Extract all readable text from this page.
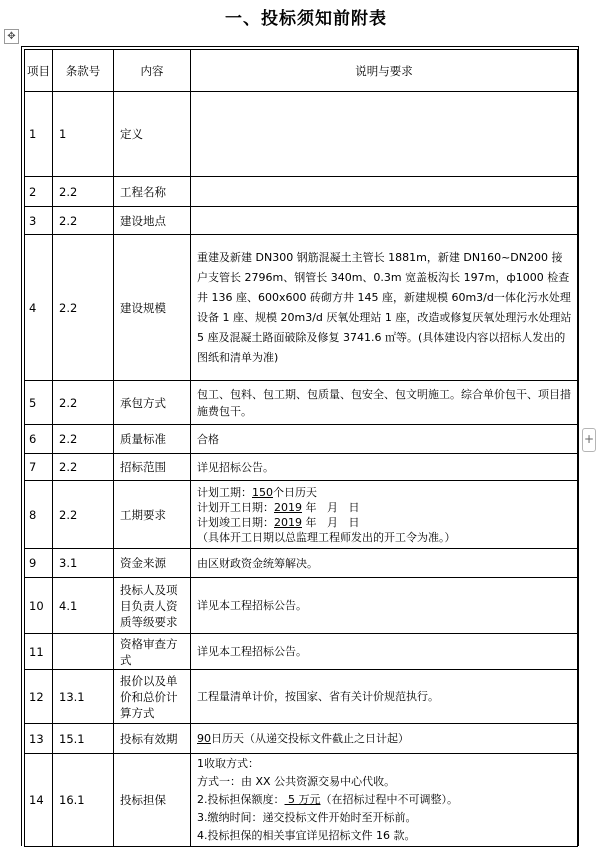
一、投标须知前附表
✥
+
项目	条款号	内容	说明与要求
1	1	定义	
2	2.2	工程名称	
3	2.2	建设地点	
4	2.2	建设规模	重建及新建 DN300 钢筋混凝土主管长 1881m，新建 DN160~DN200 接户支管长 2796m、钢管长 340m、0.3m 宽盖板沟长 197m，ф1000 检查井 136 座、600x600 砖砌方井 145 座，新建规模 60m3/d一体化污水处理设备 1 座、规模 20m3/d 厌氧处理站 1 座，改造或修复厌氧处理污水处理站 5 座及混凝土路面破除及修复 3741.6 ㎡等。(具体建设内容以招标人发出的图纸和清单为准)
5	2.2	承包方式	包工、包料、包工期、包质量、包安全、包文明施工。综合单价包干、项目措施费包干。
6	2.2	质量标准	合格
7	2.2	招标范围	详见招标公告。
8	2.2	工期要求	计划工期：150个日历天
计划开工日期：2019 年   月   日
计划竣工日期：2019 年   月   日
（具体开工日期以总监理工程师发出的开工令为准。）

9	3.1	资金来源	由区财政资金统筹解决。
10	4.1	投标人及项目负责人资质等级要求	详见本工程招标公告。
11		资格审查方式	详见本工程招标公告。
12	13.1	报价以及单价和总价计算方式	工程量清单计价，按国家、省有关计价规范执行。
13	15.1	投标有效期	90日历天（从递交投标文件截止之日计起）
14	16.1	投标担保	1收取方式：
方式一：由 XX 公共资源交易中心代收。
2.投标担保额度： 5 万元（在招标过程中不可调整）。
3.缴纳时间：递交投标文件开始时至开标前。
4.投标担保的相关事宜详见招标文件 16 款。
